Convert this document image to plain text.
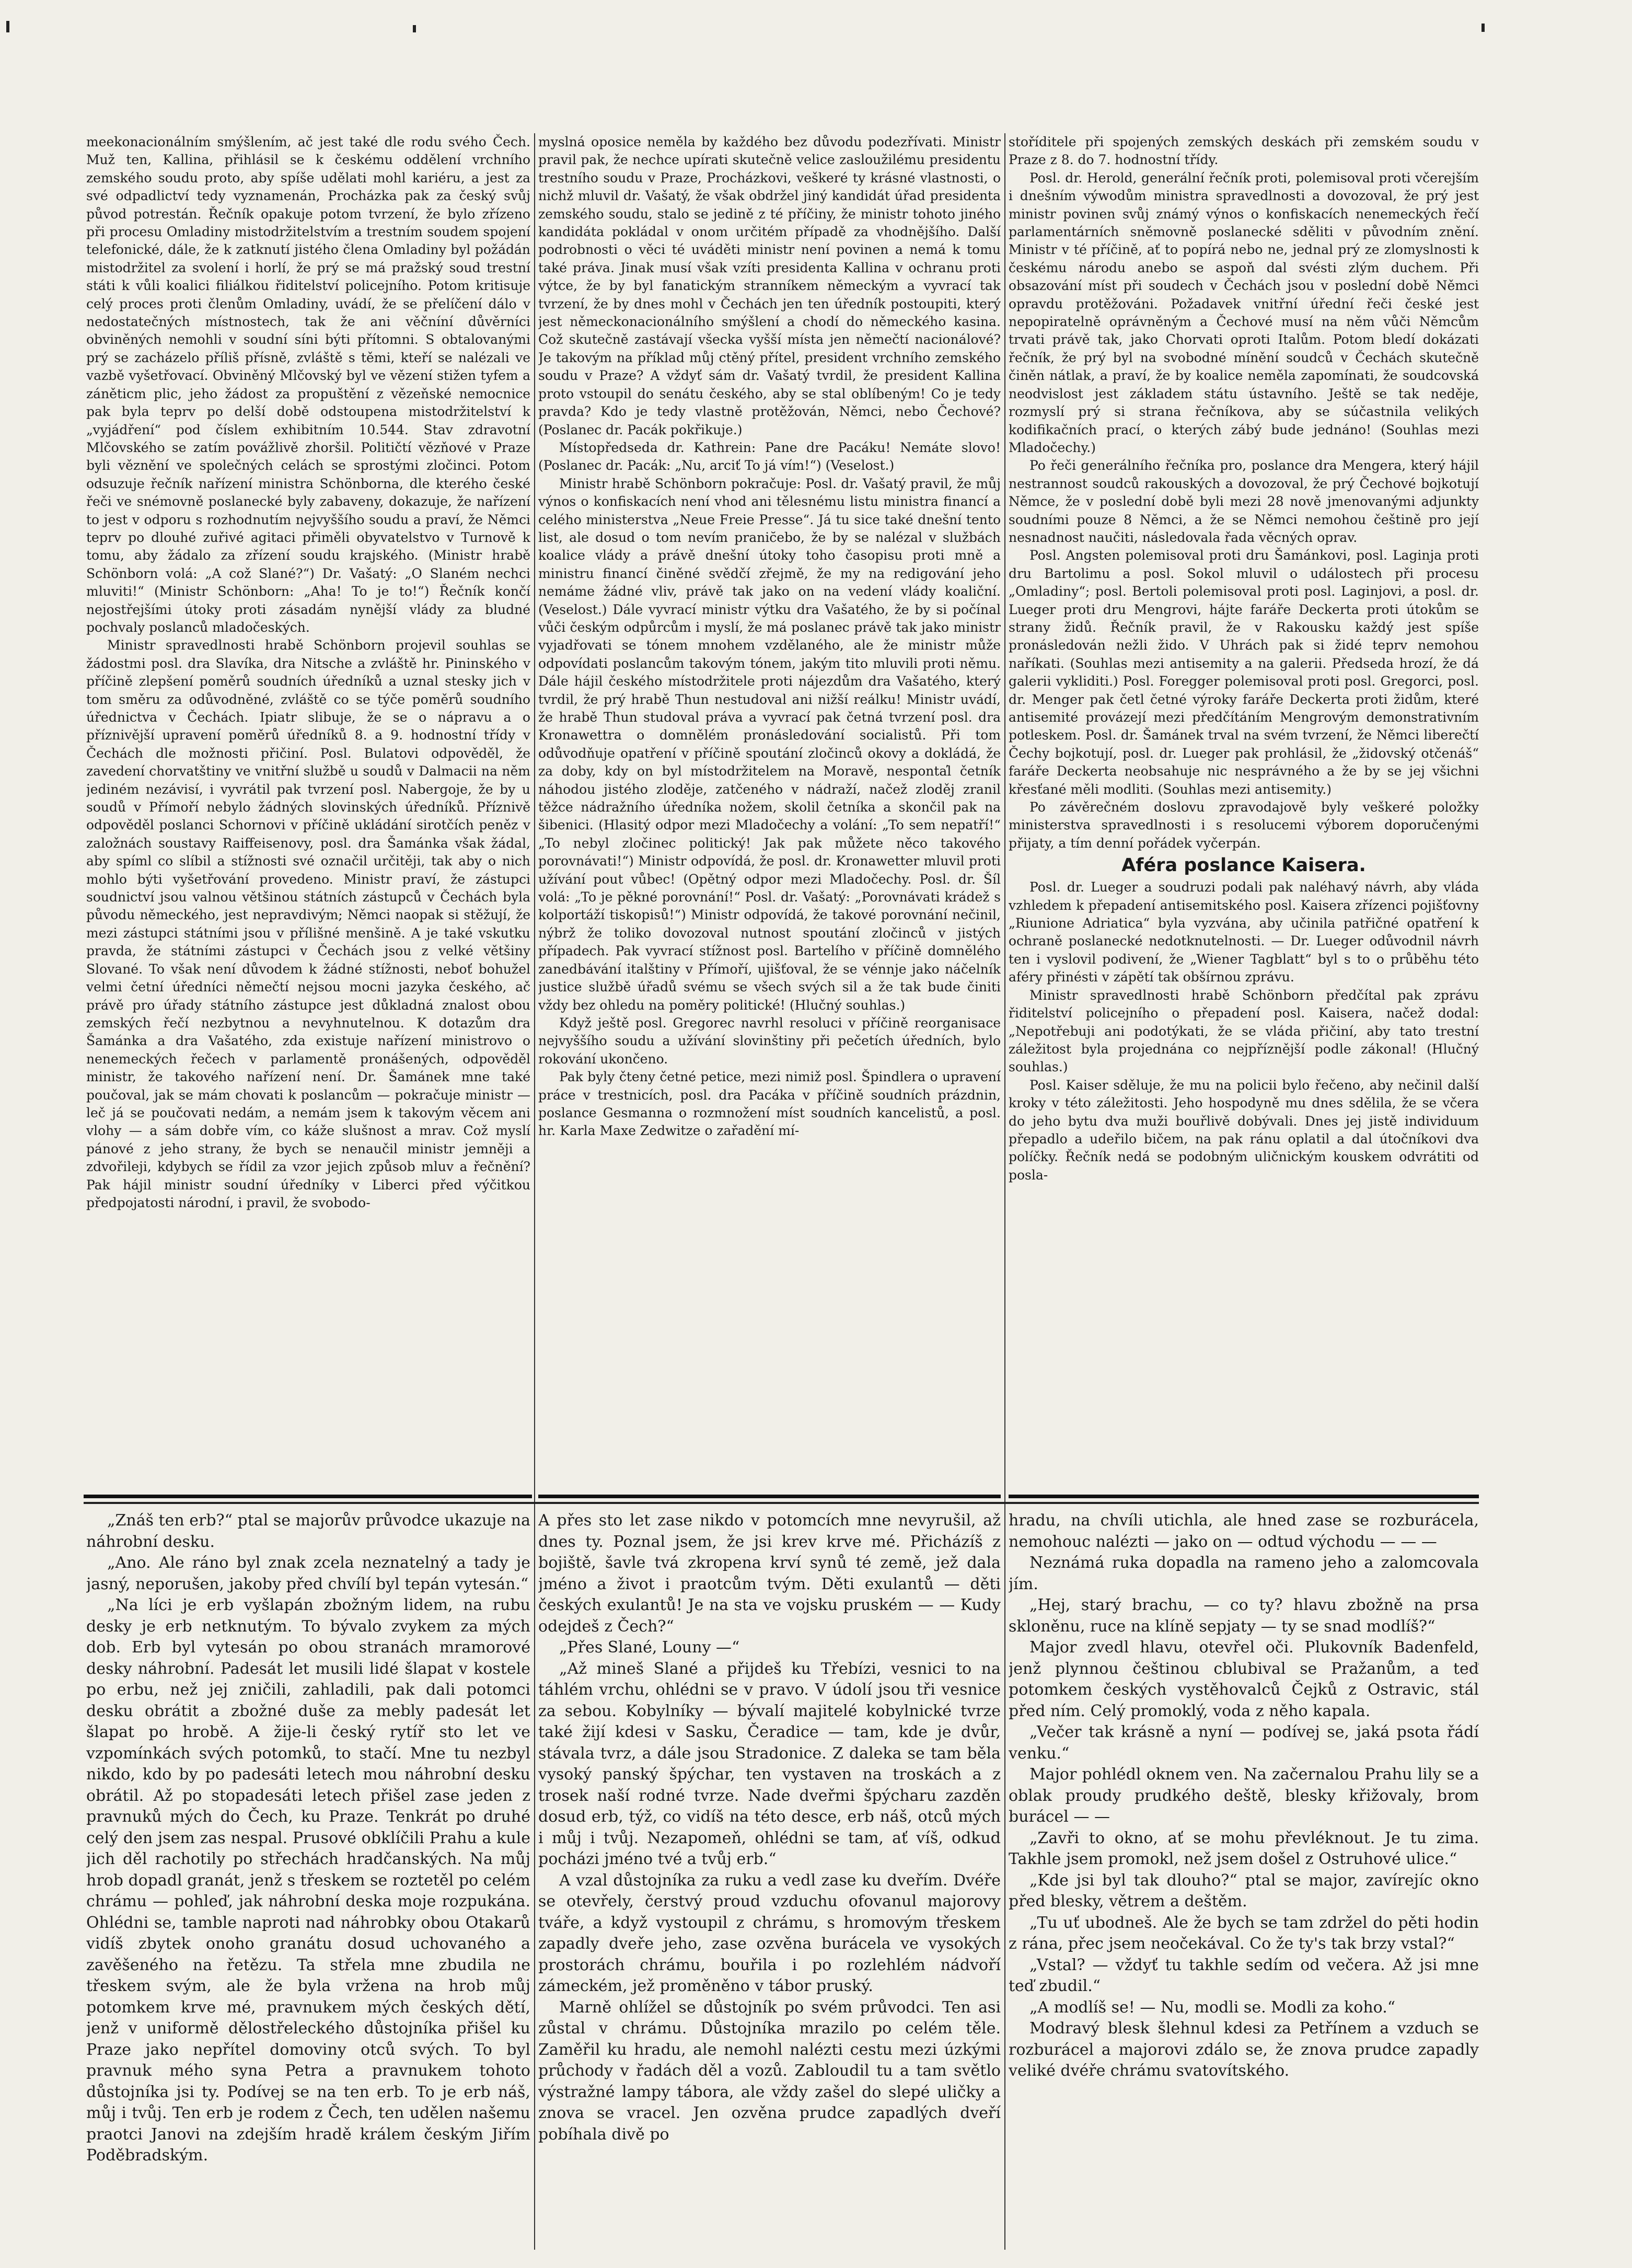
meekonacionálním smýšlením, ač jest také dle rodu svého Čech. Muž ten, Kallina, přihlásil se k českému oddělení vrchního zemského soudu proto, aby spíše udělati mohl kariéru, a jest za své odpadlictví tedy vyznamenán, Procházka pak za český svůj původ potrestán. Řečník opakuje potom tvrzení, že bylo zřízeno při procesu Omladiny mistodržitelstvím a trestním soudem spojení telefonické, dále, že k zatknutí jistého člena Omladiny byl požádán mistodržitel za svolení i horlí, že prý se má pražský soud trestní státi k vůli koalici filiálkou řiditelství policejního. Potom kritisuje celý proces proti členům Omladiny, uvádí, že se přelíčení dálo v nedostatečných místnostech, tak že ani věčníní důvěrníci obviněných nemohli v soudní síni býti přítomni. S obtalovanými prý se zacházelo příliš přísně, zvláště s těmi, kteří se nalézali ve vazbě vyšetřovací. Obviněný Mlčovský byl ve vězení stižen tyfem a záněticm plic, jeho žádost za propuštění z vězeňské nemocnice pak byla teprv po delší době odstoupena mistodržitelství k „vyjádření“ pod číslem exhibitním 10.544. Stav zdravotní Mlčovského se zatím povážlivě zhoršil. Političtí vězňové v Praze byli věznění ve společných celách se sprostými zločinci. Potom odsuzuje řečník nařízení ministra Schönborna, dle kterého české řeči ve snémovně poslanecké byly zabaveny, dokazuje, že nařízení to jest v odporu s rozhodnutím nejvyššího soudu a praví, že Němci teprv po dlouhé zuřivé agitaci přiměli obyvatelstvo v Turnově k tomu, aby žádalo za zřízení soudu krajského. (Ministr hrabě Schönborn volá: „A což Slané?“) Dr. Vašatý: „O Slaném nechci mluviti!“ (Ministr Schönborn: „Aha! To je to!“) Řečník končí nejostřejšími útoky proti zásadám nynější vlády za bludné pochvaly poslanců mladočeských.

Ministr spravedlnosti hrabě Schönborn projevil souhlas se žádostmi posl. dra Slavíka, dra Nitsche a zvláště hr. Pininského v příčině zlepšení poměrů soudních úředníků a uznal stesky jich v tom směru za odůvodněné, zvláště co se týče poměrů soudního úřednictva v Čechách. Ipiatr slibuje, že se o nápravu a o příznivější upravení poměrů úředníků 8. a 9. hodnostní třídy v Čechách dle možnosti přičiní. Posl. Bulatovi odpověděl, že zavedení chorvatštiny ve vnitřní službě u soudů v Dalmacii na něm jediném nezávisí, i vyvrátil pak tvrzení posl. Nabergoje, že by u soudů v Přímoří nebylo žádných slovinských úředníků. Příznivě odpověděl poslanci Schornovi v příčině ukládání sirotčích peněz v založnách soustavy Raiffeisenovy, posl. dra Šamánka však žádal, aby spíml co slíbil a stížnosti své označil určitěji, tak aby o nich mohlo býti vyšetřování provedeno. Ministr praví, že zástupci soudnictví jsou valnou většinou státních zástupců v Čechách byla původu německého, jest nepravdivým; Němci naopak si stěžují, že mezi zástupci státními jsou v přílišné menšině. A je také vskutku pravda, že státními zástupci v Čechách jsou z velké většiny Slované. To však není důvodem k žádné stížnosti, neboť bohužel velmi četní úředníci němečtí nejsou mocni jazyka českého, ač právě pro úřady státního zástupce jest důkladná znalost obou zemských řečí nezbytnou a nevyhnutelnou. K dotazům dra Šamánka a dra Vašatého, zda existuje nařízení ministrovo o nenemeckých řečech v parlamentě pronášených, odpověděl ministr, že takového nařízení není. Dr. Šamánek mne také poučoval, jak se mám chovati k poslancům — pokračuje ministr — leč já se poučovati nedám, a nemám jsem k takovým věcem ani vlohy — a sám dobře vím, co káže slušnost a mrav. Což myslí pánové z jeho strany, že bych se nenaučil ministr jemněji a zdvořileji, kdybych se řídil za vzor jejich způsob mluv a řečnění? Pak hájil ministr soudní úředníky v Liberci před výčitkou předpojatosti národní, i pravil, že svobodo-

myslná oposice neměla by každého bez důvodu podezřívati. Ministr pravil pak, že nechce upírati skutečně velice zasloužilému presidentu trestního soudu v Praze, Procházkovi, veškeré ty krásné vlastnosti, o nichž mluvil dr. Vašatý, že však obdržel jiný kandidát úřad presidenta zemského soudu, stalo se jedině z té příčiny, že ministr tohoto jiného kandidáta pokládal v onom určitém případě za vhodnějšího. Další podrobnosti o věci té uváděti ministr není povinen a nemá k tomu také práva. Jinak musí však vzíti presidenta Kallina v ochranu proti výtce, že by byl fanatickým stranníkem německým a vyvrací tak tvrzení, že by dnes mohl v Čechách jen ten úředník postoupiti, který jest německonacionálního smýšlení a chodí do německého kasina. Což skutečně zastávají všecka vyšší místa jen němečtí nacionálové? Je takovým na příklad můj ctěný přítel, president vrchního zemského soudu v Praze? A vždyť sám dr. Vašatý tvrdil, že president Kallina proto vstoupil do senátu českého, aby se stal oblíbeným! Co je tedy pravda? Kdo je tedy vlastně protěžován, Němci, nebo Čechové? (Poslanec dr. Pacák pokřikuje.)

Místopředseda dr. Kathrein: Pane dre Pacáku! Nemáte slovo! (Poslanec dr. Pacák: „Nu, arciť To já vím!“) (Veselost.)

Ministr hrabě Schönborn pokračuje: Posl. dr. Vašatý pravil, že můj výnos o konfiskacích není vhod ani tělesnému listu ministra financí a celého ministerstva „Neue Freie Presse“. Já tu sice také dnešní tento list, ale dosud o tom nevím pranic̆ebo, že by se nalézal v službách koalice vlády a právě dnešní útoky toho časopisu proti mně a ministru financí činěné svědčí zřejmě, že my na redigování jeho nemáme žádné vliv, právě tak jako on na vedení vlády koaliční. (Veselost.) Dále vyvrací ministr výtku dra Vašatého, že by si počínal vůči českým odpůrcům i myslí, že má poslanec právě tak jako ministr vyjadřovati se tónem mnohem vzdělaného, ale že ministr může odpovídati poslancům takovým tónem, jakým tito mluvili proti němu. Dále hájil českého místodržitele proti nájezdům dra Vašatého, který tvrdil, že prý hrabě Thun nestudoval ani nižší reálku! Ministr uvádí, že hrabě Thun studoval práva a vyvrací pak četná tvrzení posl. dra Kronawettra o domnělém pronásledování socialistů. Při tom odůvodňuje opatření v příčině spoutání zločinců okovy a dokládá, že za doby, kdy on byl místodržitelem na Moravě, nesponta̕l četník náhodou jistého zloděje, zatčeného v nádraží, načež zloděj zranil těžce nádražního úředníka nožem, skolil četníka a skončil pak na šibenici. (Hlasitý odpor mezi Mladočechy a volání: „To sem nepatří!“ „To nebyl zločinec politický! Jak pak můžete něco takového porovnávati!“) Ministr odpovídá, že posl. dr. Kronawetter mluvil proti užívání pout vůbec! (Opětný odpor mezi Mladočechy. Posl. dr. Šíl volá: „To je pěkné porovnání!“ Posl. dr. Vašatý: „Porovnávati krádež s kolportáží tiskopisů!“) Ministr odpovídá, že takové porovnání nečinil, nýbrž že toliko dovozoval nutnost spoutání zločinců v jistých případech. Pak vyvrací stížnost posl. Bartelího v příčině domnělého zanedbávání italštiny v Přímoří, ujišťoval, že se vénnje jako náčelník justice službě úřadů svému se všech svých sil a že tak bude činiti vždy bez ohledu na poměry politické! (Hlučný souhlas.)

Když ještě posl. Gregorec navrhl resoluci v příčině reorganisace nejvyššího soudu a užívání slovinštiny při pečetích úředních, bylo rokování ukončeno.

Pak byly čteny četné petice, mezi nimiž posl. Špindlera o upravení práce v trestnicích, posl. dra Pacáka v příčině soudních prázdnin, poslance Gesmanna o rozmnožení míst soudních kancelistů, a posl. hr. Karla Maxe Zedwitze o zařadění mí-

stoříditele při spojených zemských deskách při zemském soudu v Praze z 8. do 7. hodnostní třídy.

Posl. dr. Herold, generální řečník proti, polemisoval proti včerejším i dnešním výwodům ministra spravedlnosti a dovozoval, že prý jest ministr povinen svůj známý výnos o konfiskacích nenemeckých řečí parlamentárních sněmovně poslanecké sděliti v původním znění. Ministr v té příčině, ať to popírá nebo ne, jednal prý ze zlomyslnosti k českému národu anebo se aspoň dal svésti zlým duchem. Při obsazování míst při soudech v Čechách jsou v poslední době Němci opravdu protěžováni. Požadavek vnitřní úřední řeči české jest nepopiratelně oprávněným a Čechové musí na něm vůči Němcům trvati právě tak, jako Chorvati oproti Italům. Potom bledí dokázati řečník, že prý byl na svobodné mínění soudců v Čechách skutečně činěn nátlak, a praví, že by koalice neměla zapomínati, že soudcovská neodvislost jest základem státu ústavního. Ještě se tak neděje, rozmyslí prý si strana řečníkova, aby se súčastnila velikých kodifikačních prací, o kterých zábý bude jednáno! (Souhlas mezi Mladočechy.)

Po řeči generálního řečníka pro, poslance dra Mengera, který hájil nestrannost soudců rakouských a dovozoval, že prý Čechové bojkotují Němce, že v poslední době byli mezi 28 nově jmenovanými adjunkty soudními pouze 8 Němci, a že se Němci nemohou češtině pro její nesnadnost naučiti, následovala řada věcných oprav.

Posl. Angsten polemisoval proti dru Šamánkovi, posl. Laginja proti dru Bartolimu a posl. Sokol mluvil o událostech při procesu „Omladiny“; posl. Bertoli polemisoval proti posl. Laginjovi, a posl. dr. Lueger proti dru Mengrovi, hájte faráře Deckerta proti útokům se strany židů. Řečník pravil, že v Rakousku každý jest spíše pronásledován nežli žido. V Uhrách pak si židé teprv nemohou naříkati. (Souhlas mezi antisemity a na galerii. Předseda hrozí, že dá galerii vykliditi.) Posl. Foregger polemisoval proti posl. Gregorci, posl. dr. Menger pak četl četné výroky faráře Deckerta proti židům, které antisemité provázejí mezi předčítáním Mengrovým demonstrativním potleskem. Posl. dr. Šamánek trval na svém tvrzení, že Němci liberečtí Čechy bojkotují, posl. dr. Lueger pak prohlásil, že „židovský otčenáš“ faráře Deckerta neobsahuje nic nesprávného a že by se jej všichni křesťané měli modliti. (Souhlas mezi antisemity.)

Po závěrečném doslovu zpravodajově byly veškeré položky ministerstva spravedlnosti i s resolucemi výborem doporučenými přijaty, a tím denní pořádek vyčerpán.

Aféra poslance Kaisera.

Posl. dr. Lueger a soudruzi podali pak naléhavý návrh, aby vláda vzhledem k přepadení antisemitského posl. Kaisera zřízenci pojišťovny „Riunione Adriatica“ byla vyzvána, aby učinila patřičné opatření k ochraně poslanecké nedotknutelnosti. — Dr. Lueger odůvodnil návrh ten i vyslovil podivení, že „Wiener Tagblatt“ byl s to o průběhu této aféry přinésti v zápětí tak obšírnou zprávu.

Ministr spravedlnosti hrabě Schönborn předčítal pak zprávu řiditelství policejního o přepadení posl. Kaisera, načež dodal: „Nepotřebuji ani podotýkati, že se vláda přičiní, aby tato trestní záležitost byla projednána co nejpříznější podle zákonal! (Hlučný souhlas.)

Posl. Kaiser sděluje, že mu na policii bylo řečeno, aby nečinil další kroky v této záležitosti. Jeho hospodyně mu dnes sdělila, že se včera do jeho bytu dva muži bouřlivě dobývali. Dnes jej jistě individuum přepadlo a udeřilo bičem, na pak ránu oplatil a dal útočníkovi dva políčky. Řečník nedá se podobným uličnickým kouskem odvrátiti od posla-

„Znáš ten erb?“ ptal se majorův průvodce ukazuje na náhrobní desku.

„Ano. Ale ráno byl znak zcela neznatelný a tady je jasný, neporušen, jakoby před chvílí byl tepán vytesán.“

„Na líci je erb vyšlapán zbožným lidem, na rubu desky je erb netknutým. To bývalo zvykem za mých dob. Erb byl vytesán po obou stranách mramorové desky náhrobní. Padesát let musili lidé šlapat v kostele po erbu, než jej zničili, zahladili, pak dali potomci desku obrátit a zbožné duše za mebly padesát let šlapat po hrobě. A žije-li český rytíř sto let ve vzpomínkách svých potomků, to stačí. Mne tu nezbyl nikdo, kdo by po padesáti letech mou náhrobní desku obrátil. Až po stopadesáti letech přišel zase jeden z pravnuků mých do Čech, ku Praze. Tenkrát po druhé celý den jsem zas nespal. Prusové obklíčili Prahu a kule jich děl rachotily po střechách hradčanských. Na můj hrob dopadl granát, jenž s třeskem se roztetěl po celém chrámu — pohleď, jak náhrobní deska moje rozpukána. Ohlédni se, tamble naproti nad náhrobky obou Otakarů vidíš zbytek onoho granátu dosud uchovaného a zavěšeného na řetězu. Ta střela mne zbudila ne třeskem svým, ale že byla vržena na hrob můj potomkem krve mé, pravnukem mých českých dětí, jenž v uniformě dělostřeleckého důstojníka přišel ku Praze jako nepřítel domoviny otců svých. To byl pravnuk mého syna Petra a pravnukem tohoto důstojníka jsi ty. Podívej se na ten erb. To je erb náš, můj i tvůj. Ten erb je rodem z Čech, ten udělen našemu praotci Janovi na zdejším hradě králem českým Jiřím Poděbradským.

A přes sto let zase nikdo v potomcích mne nevyrušil, až dnes ty. Poznal jsem, že jsi krev krve mé. Přicházíš z bojiště, šavle tvá zkropena krví synů té země, jež dala jméno a život i praotcům tvým. Děti exulantů — děti českých exulantů! Je na sta ve vojsku pruském — — Kudy odejdeš z Čech?“

„Přes Slané, Louny —“

„Až mineš Slané a přijdeš ku Třebízi, vesnici to na táhlém vrchu, ohlédni se v pravo. V údolí jsou tři vesnice za sebou. Kobylníky — bývalí majitelé kobylnické tvrze také žijí kdesi v Sasku, Čeradice — tam, kde je dvůr, stávala tvrz, a dále jsou Stradonice. Z daleka se tam běla vysoký panský špýchar, ten vystaven na troskách a z trosek naší rodné tvrze. Nade dveřmi špýcharu zazděn dosud erb, týž, co vidíš na této desce, erb náš, otců mých i můj i tvůj. Nezapomeň, ohlédni se tam, ať víš, odkud pocházi jméno tvé a tvůj erb.“

A vzal důstojníka za ruku a vedl zase ku dveřím. Dvéře se otevřely, čerstvý proud vzduchu ofovanul majorovy tváře, a když vystoupil z chrámu, s hromovým třeskem zapadly dveře jeho, zase ozvěna burácela ve vysokých prostorách chrámu, bouřila i po rozlehlém nádvoří zámeckém, jež proměněno v tábor pruský.

Marně ohlížel se důstojník po svém průvodci. Ten asi zůstal v chrámu. Důstojníka mrazilo po celém těle. Zaměřil ku hradu, ale nemohl nalézti cestu mezi úzkými průchody v řadách děl a vozů. Zabloudil tu a tam světlo výstražné lampy tábora, ale vždy zašel do slepé uličky a znova se vracel. Jen ozvěna prudce zapadlých dveří pobíhala divě po

hradu, na chvíli utichla, ale hned zase se rozburácela, nemohouc nalézti — jako on — odtud východu — — —

Neznámá ruka dopadla na rameno jeho a zalomcovala jím.

„Hej, starý brachu, — co ty? hlavu zbožně na prsa skloněnu, ruce na klíně sepjaty — ty se snad modlíš?“

Major zvedl hlavu, otevřel oči. Plukovník Badenfeld, jenž plynnou češtinou cblubival se Pražanům, a teď potomkem českých vystěhovalců Čejků z Ostravic, stál před ním. Celý promoklý, voda z něho kapala.

„Večer tak krásně a nyní — podívej se, jaká psota řádí venku.“

Major pohlédl oknem ven. Na začernalou Prahu lily se a oblak proudy prudkého deště, blesky křižovaly, brom burácel — —

„Zavři to okno, ať se mohu převléknout. Je tu zima. Takhle jsem promokl, než jsem došel z Ostruhové ulice.“

„Kde jsi byl tak dlouho?“ ptal se major, zavírejíc okno před blesky, větrem a deštěm.

„Tu uť ubodneš. Ale že bych se tam zdržel do pěti hodin z rána, přec jsem neočekával. Co že ty's tak brzy vstal?“

„Vstal? — vždyť tu takhle sedím od večera. Až jsi mne teď zbudil.“

„A modlíš se! — Nu, modli se. Modli za koho.“

Modravý blesk šlehnul kdesi za Petřínem a vzduch se rozburácel a majorovi zdálo se, že znova prudce zapadly veliké dvéře chrámu svatovítského.
